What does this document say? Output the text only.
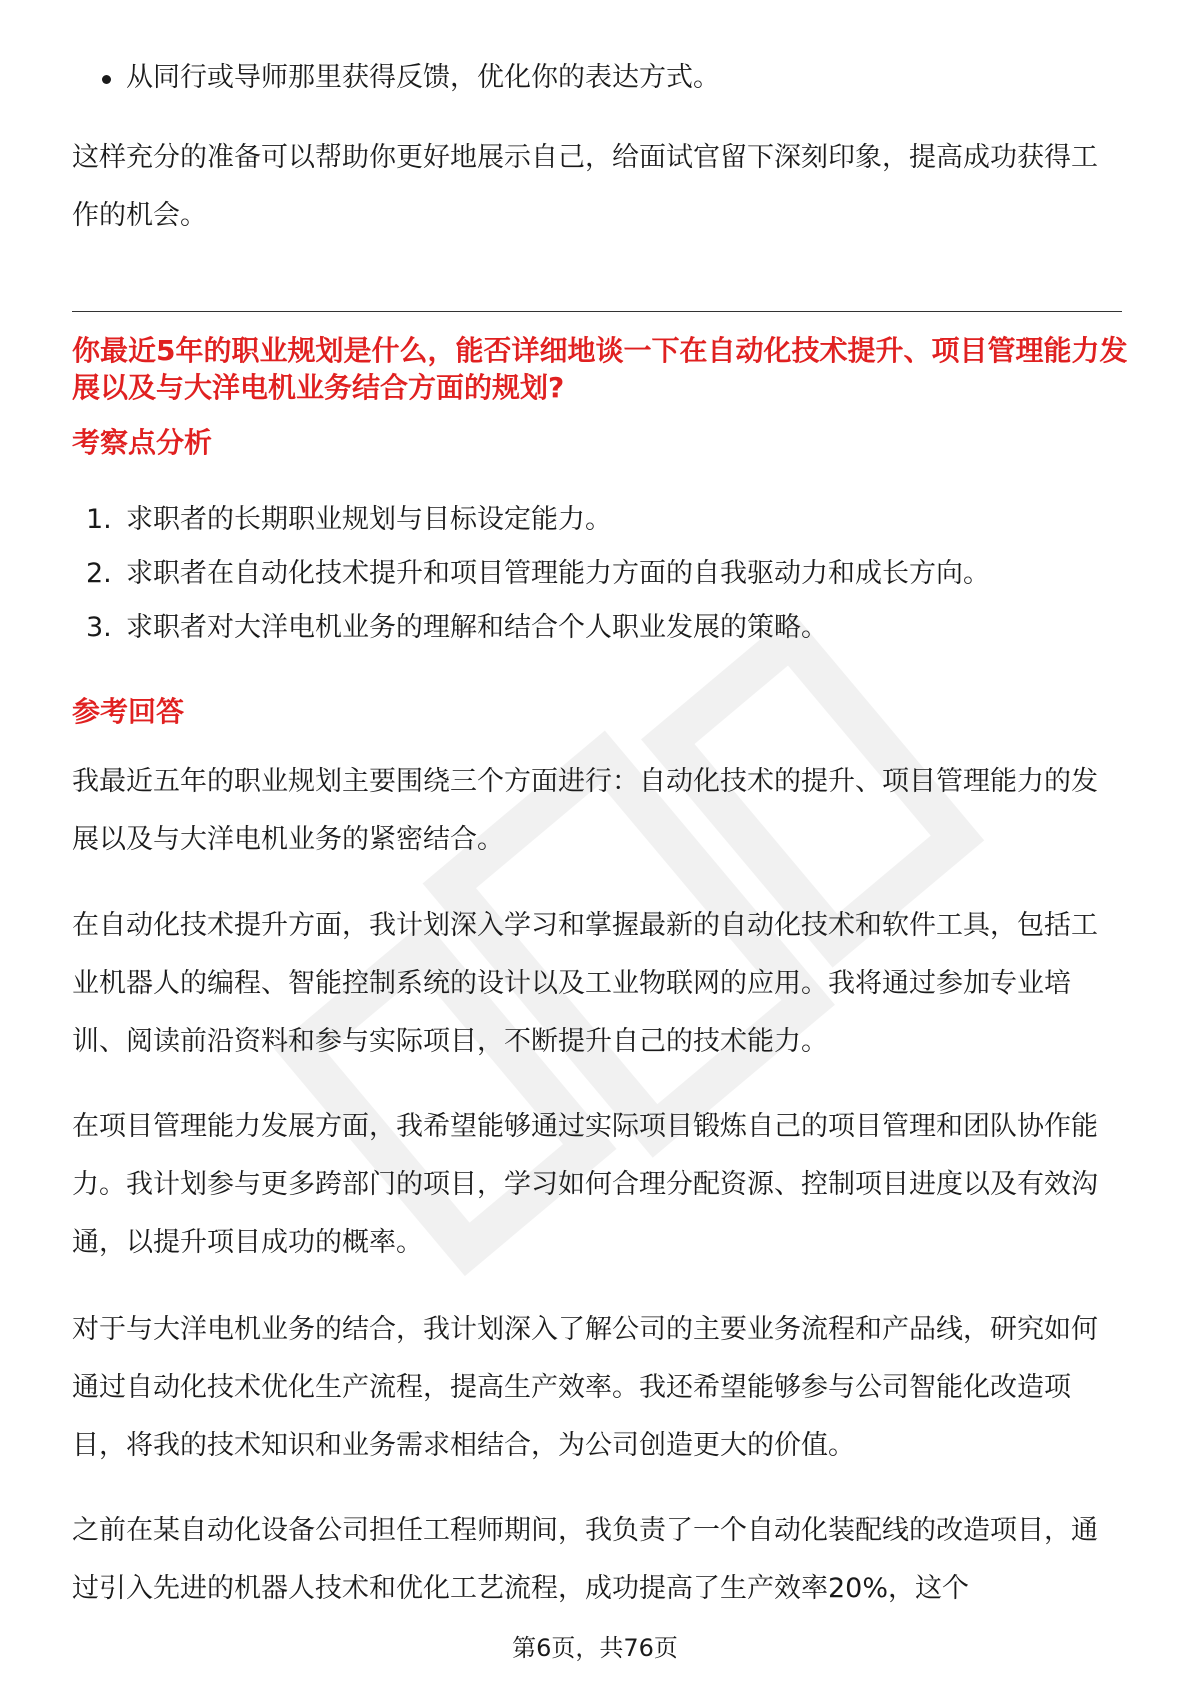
从同行或导师那里获得反馈，优化你的表达方式。

这样充分的准备可以帮助你更好地展示自己，给面试官留下深刻印象，提高成功获得工作的机会。

你最近5年的职业规划是什么，能否详细地谈一下在自动化技术提升、项目管理能力发展以及与大洋电机业务结合方面的规划?

考察点分析
1. 求职者的长期职业规划与目标设定能力。
2. 求职者在自动化技术提升和项目管理能力方面的自我驱动力和成长方向。
3. 求职者对大洋电机业务的理解和结合个人职业发展的策略。
参考回答

我最近五年的职业规划主要围绕三个方面进行：自动化技术的提升、项目管理能力的发展以及与大洋电机业务的紧密结合。

在自动化技术提升方面，我计划深入学习和掌握最新的自动化技术和软件工具，包括工业机器人的编程、智能控制系统的设计以及工业物联网的应用。我将通过参加专业培训、阅读前沿资料和参与实际项目，不断提升自己的技术能力。

在项目管理能力发展方面，我希望能够通过实际项目锻炼自己的项目管理和团队协作能力。我计划参与更多跨部门的项目，学习如何合理分配资源、控制项目进度以及有效沟通，以提升项目成功的概率。

对于与大洋电机业务的结合，我计划深入了解公司的主要业务流程和产品线，研究如何通过自动化技术优化生产流程，提高生产效率。我还希望能够参与公司智能化改造项目，将我的技术知识和业务需求相结合，为公司创造更大的价值。

之前在某自动化设备公司担任工程师期间，我负责了一个自动化装配线的改造项目，通过引入先进的机器人技术和优化工艺流程，成功提高了生产效率20%，这个

第6页，共76页
